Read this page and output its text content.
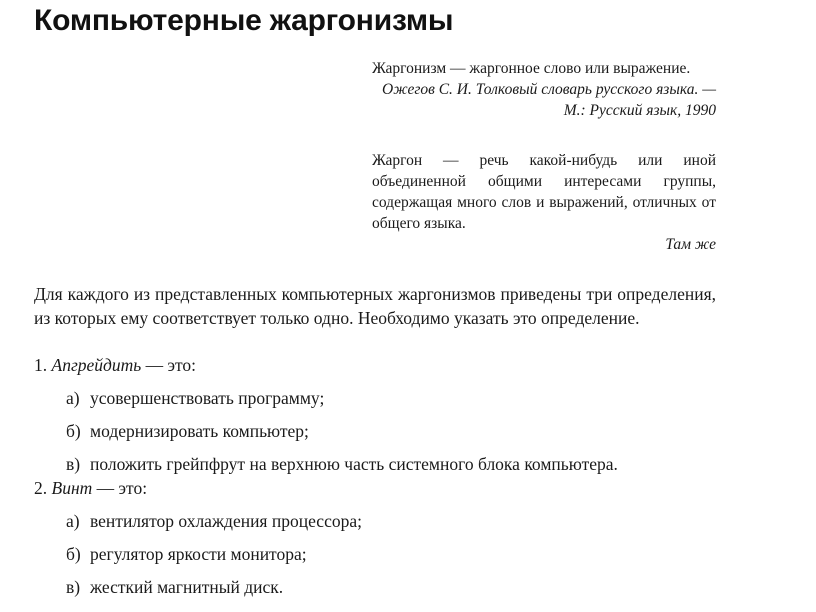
Компьютерные жаргонизмы
Жаргонизм — жаргонное слово или выражение.
Ожегов С. И. Толковый словарь русского языка. — М.: Русский язык, 1990
Жаргон — речь какой-нибудь или иной объединенной общими интересами группы, содержащая много слов и выражений, отличных от общего языка.
Там же

Для каждого из представленных компьютерных жаргонизмов приведены три определения, из которых ему соответствует только одно. Необходимо указать это определение.

1. Апгрейдить — это:
а) усовершенствовать программу;
б) модернизировать компьютер;
в) положить грейпфрут на верхнюю часть системного блока компьютера.
2. Винт — это:
а) вентилятор охлаждения процессора;
б) регулятор яркости монитора;
в) жесткий магнитный диск.
